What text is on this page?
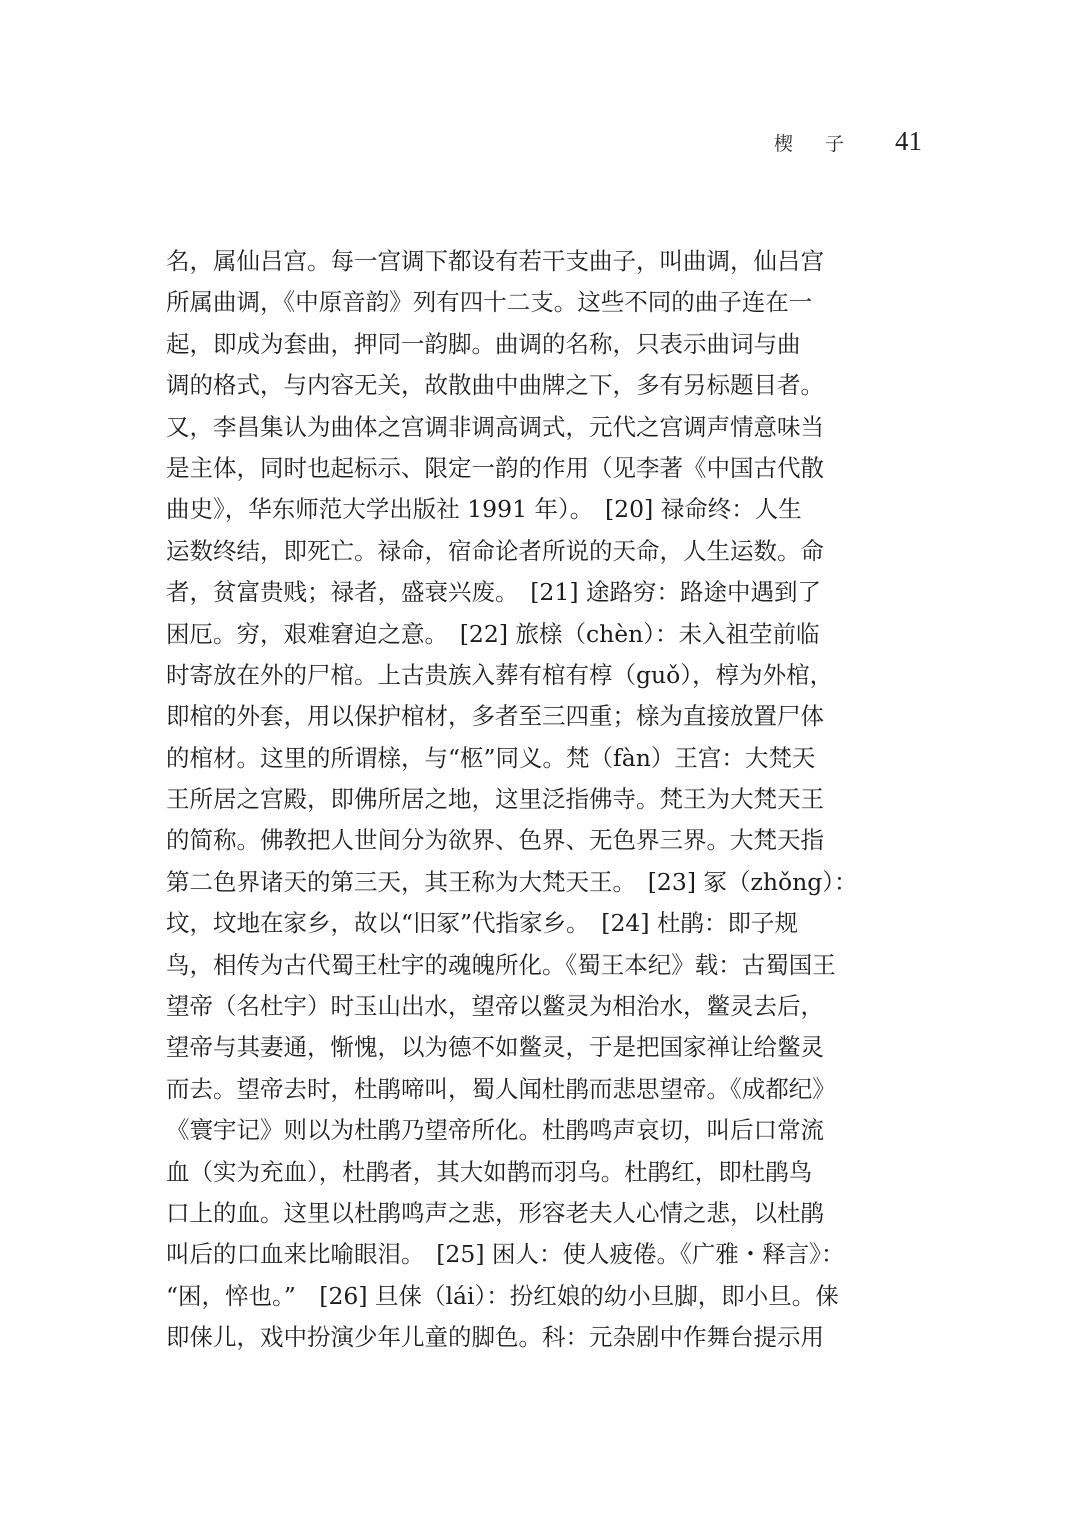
楔 子 41
名，属仙吕宫。每一宫调下都设有若干支曲子，叫曲调，仙吕宫
所属曲调，《中原音韵》列有四十二支。这些不同的曲子连在一
起，即成为套曲，押同一韵脚。曲调的名称，只表示曲词与曲
调的格式，与内容无关，故散曲中曲牌之下，多有另标题目者。
又，李昌集认为曲体之宫调非调高调式，元代之宫调声情意味当
是主体，同时也起标示、限定一韵的作用（见李著《中国古代散
曲史》，华东师范大学出版社 1991 年）。　[20] 禄命终：人生
运数终结，即死亡。禄命，宿命论者所说的天命，人生运数。命
者，贫富贵贱；禄者，盛衰兴废。　[21] 途路穷：路途中遇到了
困厄。穷，艰难窘迫之意。　[22] 旅榇（chèn）：未入祖茔前临
时寄放在外的尸棺。上古贵族入葬有棺有椁（guǒ），椁为外棺，
即棺的外套，用以保护棺材，多者至三四重；榇为直接放置尸体
的棺材。这里的所谓榇，与“柩”同义。梵（fàn）王宫：大梵天
王所居之宫殿，即佛所居之地，这里泛指佛寺。梵王为大梵天王
的简称。佛教把人世间分为欲界、色界、无色界三界。大梵天指
第二色界诸天的第三天，其王称为大梵天王。　[23] 冢（zhǒng）：
坟，坟地在家乡，故以“旧冢”代指家乡。　[24] 杜鹃：即子规
鸟，相传为古代蜀王杜宇的魂魄所化。《蜀王本纪》载：古蜀国王
望帝（名杜宇）时玉山出水，望帝以鳖灵为相治水，鳖灵去后，
望帝与其妻通，惭愧，以为德不如鳖灵，于是把国家禅让给鳖灵
而去。望帝去时，杜鹃啼叫，蜀人闻杜鹃而悲思望帝。《成都纪》
《寰宇记》则以为杜鹃乃望帝所化。杜鹃鸣声哀切，叫后口常流
血（实为充血），杜鹃者，其大如鹊而羽乌。杜鹃红，即杜鹃鸟
口上的血。这里以杜鹃鸣声之悲，形容老夫人心情之悲，以杜鹃
叫后的口血来比喻眼泪。　[25] 困人：使人疲倦。《广雅・释言》：
“困，悴也。”　[26] 旦俫（lái）：扮红娘的幼小旦脚，即小旦。俫
即俫儿，戏中扮演少年儿童的脚色。科：元杂剧中作舞台提示用
